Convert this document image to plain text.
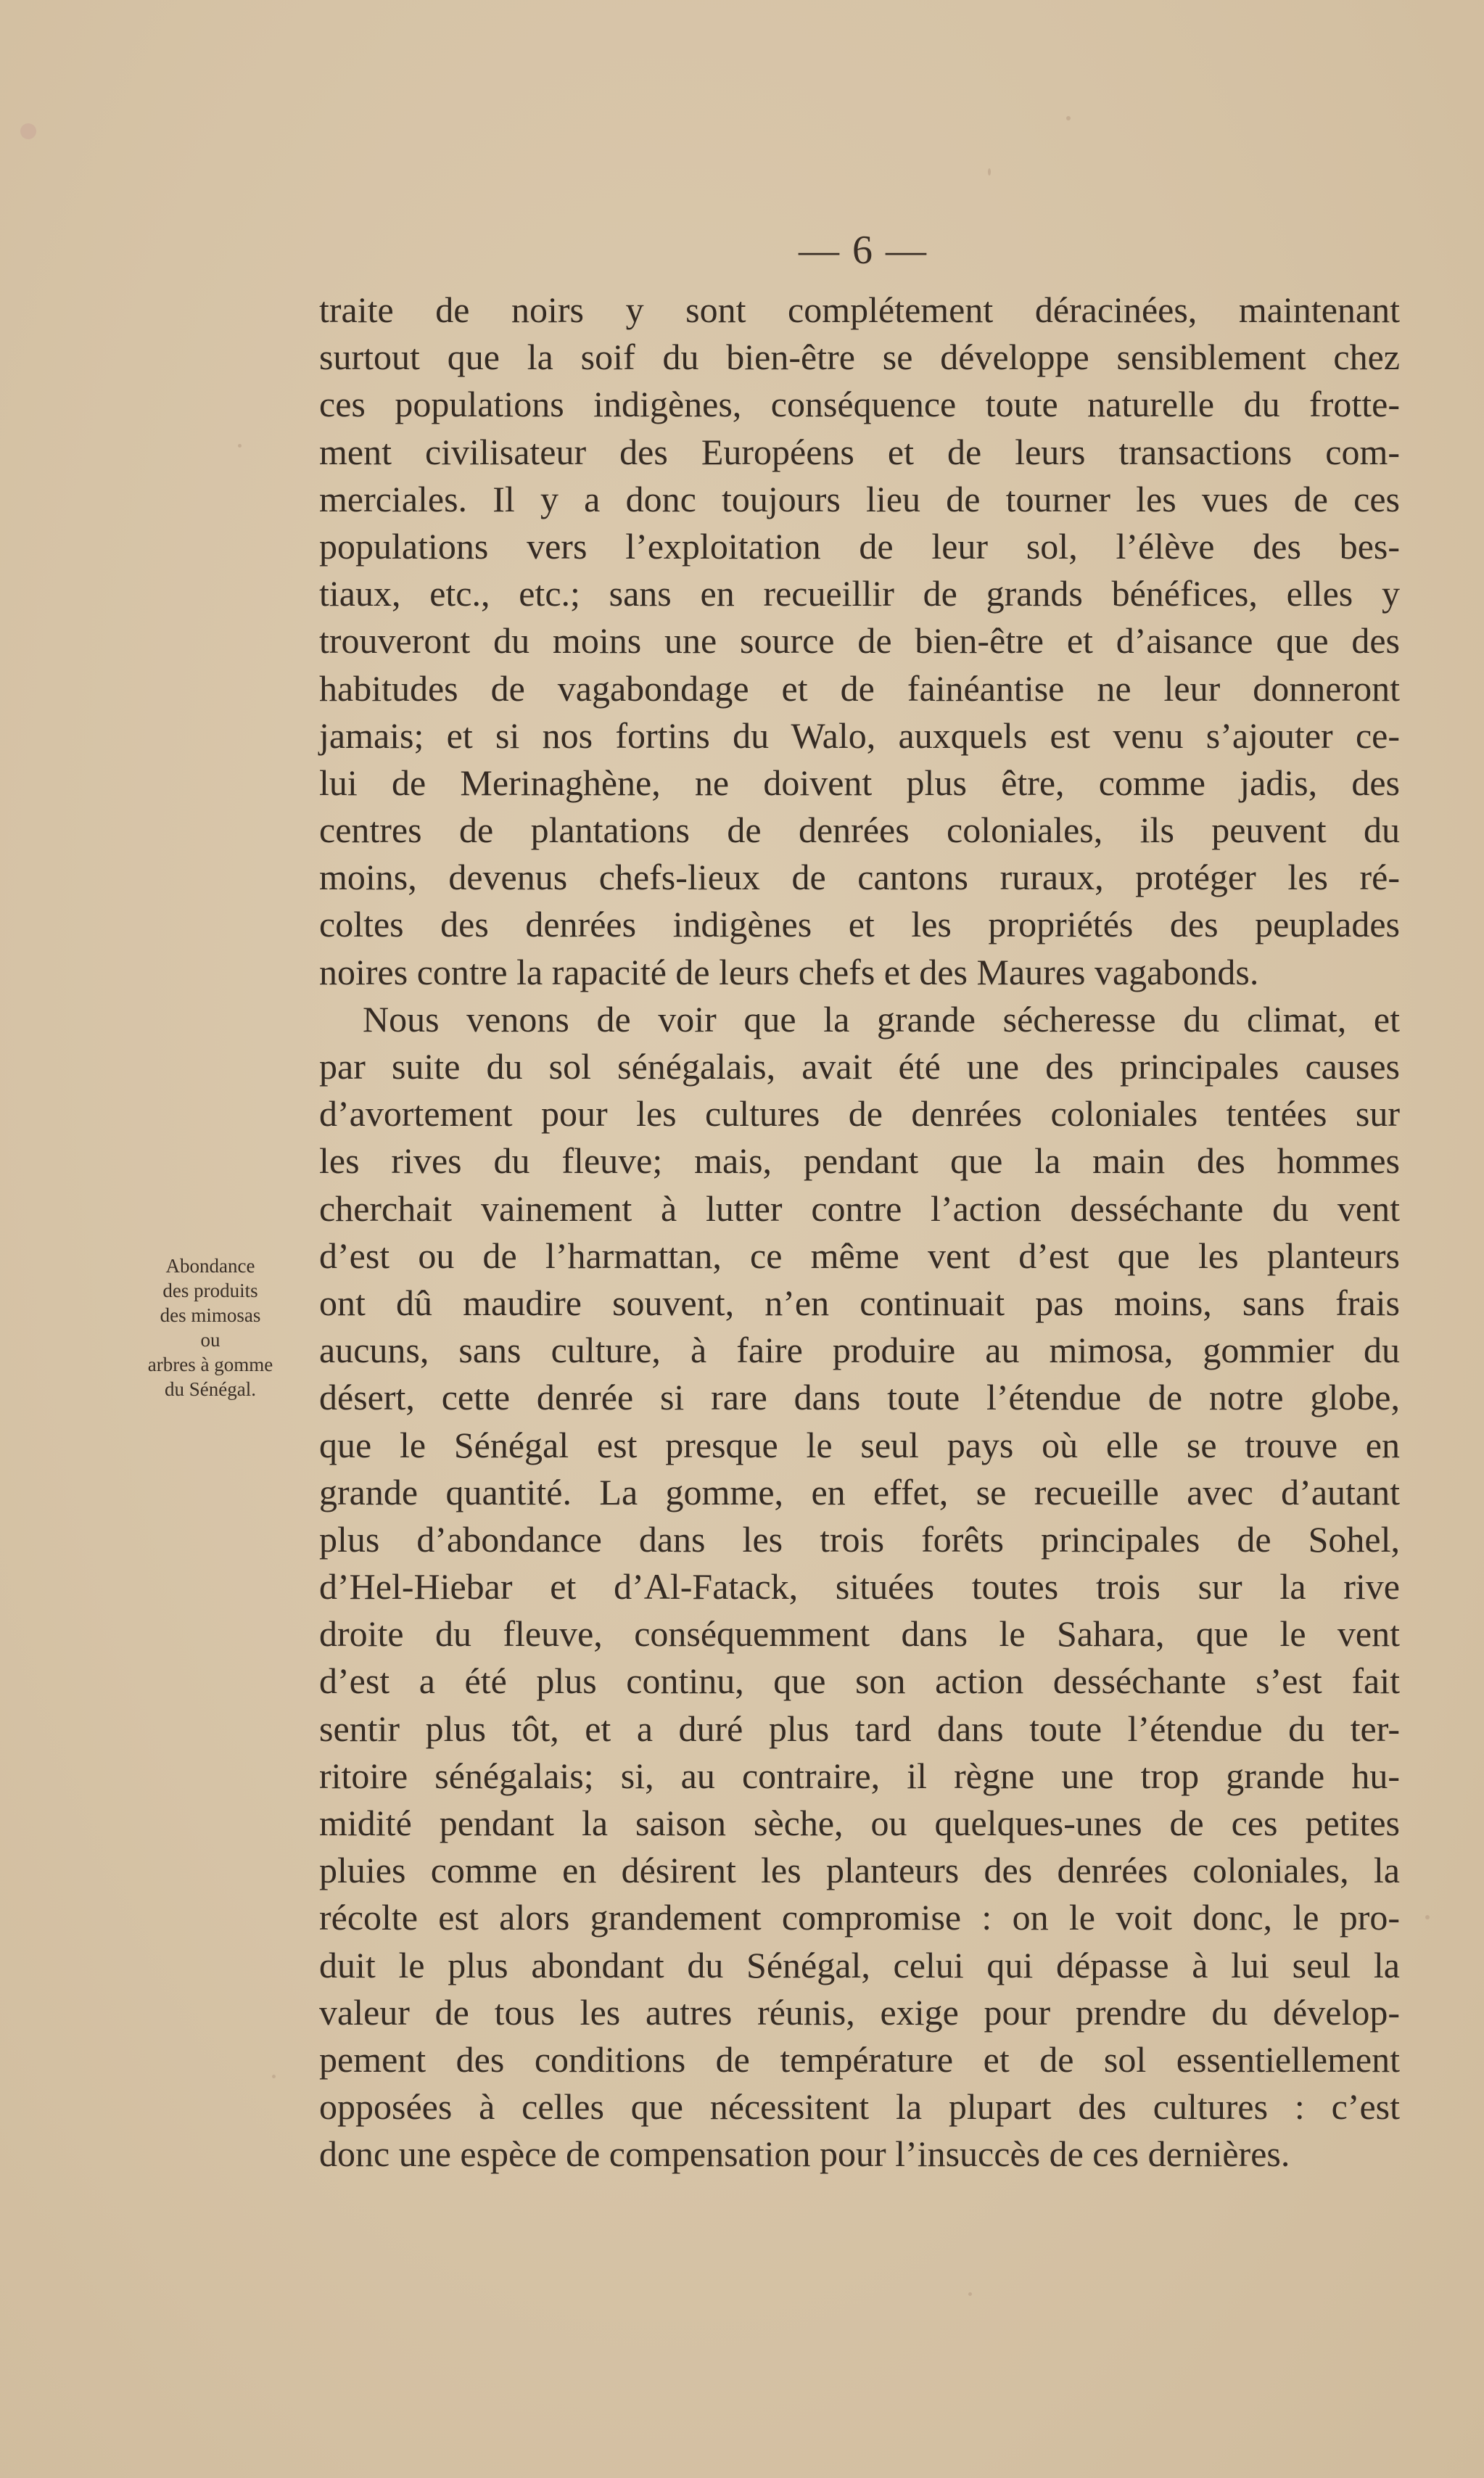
— 6 —
Abondance
des produits
des mimosas
ou
arbres à gomme
du Sénégal.
traite de noirs y sont complétement déracinées, maintenant
surtout que la soif du bien-être se développe sensiblement chez
ces populations indigènes, conséquence toute naturelle du frotte-
ment civilisateur des Européens et de leurs transactions com-
merciales. Il y a donc toujours lieu de tourner les vues de ces
populations vers l’exploitation de leur sol, l’élève des bes-
tiaux, etc., etc.; sans en recueillir de grands bénéfices, elles y
trouveront du moins une source de bien-être et d’aisance que des
habitudes de vagabondage et de fainéantise ne leur donneront
jamais; et si nos fortins du Walo, auxquels est venu s’ajouter ce-
lui de Merinaghène, ne doivent plus être, comme jadis, des
centres de plantations de denrées coloniales, ils peuvent du
moins, devenus chefs-lieux de cantons ruraux, protéger les ré-
coltes des denrées indigènes et les propriétés des peuplades
noires contre la rapacité de leurs chefs et des Maures vagabonds.
Nous venons de voir que la grande sécheresse du climat, et
par suite du sol sénégalais, avait été une des principales causes
d’avortement pour les cultures de denrées coloniales tentées sur
les rives du fleuve; mais, pendant que la main des hommes
cherchait vainement à lutter contre l’action desséchante du vent
d’est ou de l’harmattan, ce même vent d’est que les planteurs
ont dû maudire souvent, n’en continuait pas moins, sans frais
aucuns, sans culture, à faire produire au mimosa, gommier du
désert, cette denrée si rare dans toute l’étendue de notre globe,
que le Sénégal est presque le seul pays où elle se trouve en
grande quantité. La gomme, en effet, se recueille avec d’autant
plus d’abondance dans les trois forêts principales de Sohel,
d’Hel-Hiebar et d’Al-Fatack, situées toutes trois sur la rive
droite du fleuve, conséquemment dans le Sahara, que le vent
d’est a été plus continu, que son action desséchante s’est fait
sentir plus tôt, et a duré plus tard dans toute l’étendue du ter-
ritoire sénégalais; si, au contraire, il règne une trop grande hu-
midité pendant la saison sèche, ou quelques-unes de ces petites
pluies comme en désirent les planteurs des denrées coloniales, la
récolte est alors grandement compromise : on le voit donc, le pro-
duit le plus abondant du Sénégal, celui qui dépasse à lui seul la
valeur de tous les autres réunis, exige pour prendre du dévelop-
pement des conditions de température et de sol essentiellement
opposées à celles que nécessitent la plupart des cultures : c’est
donc une espèce de compensation pour l’insuccès de ces dernières.
